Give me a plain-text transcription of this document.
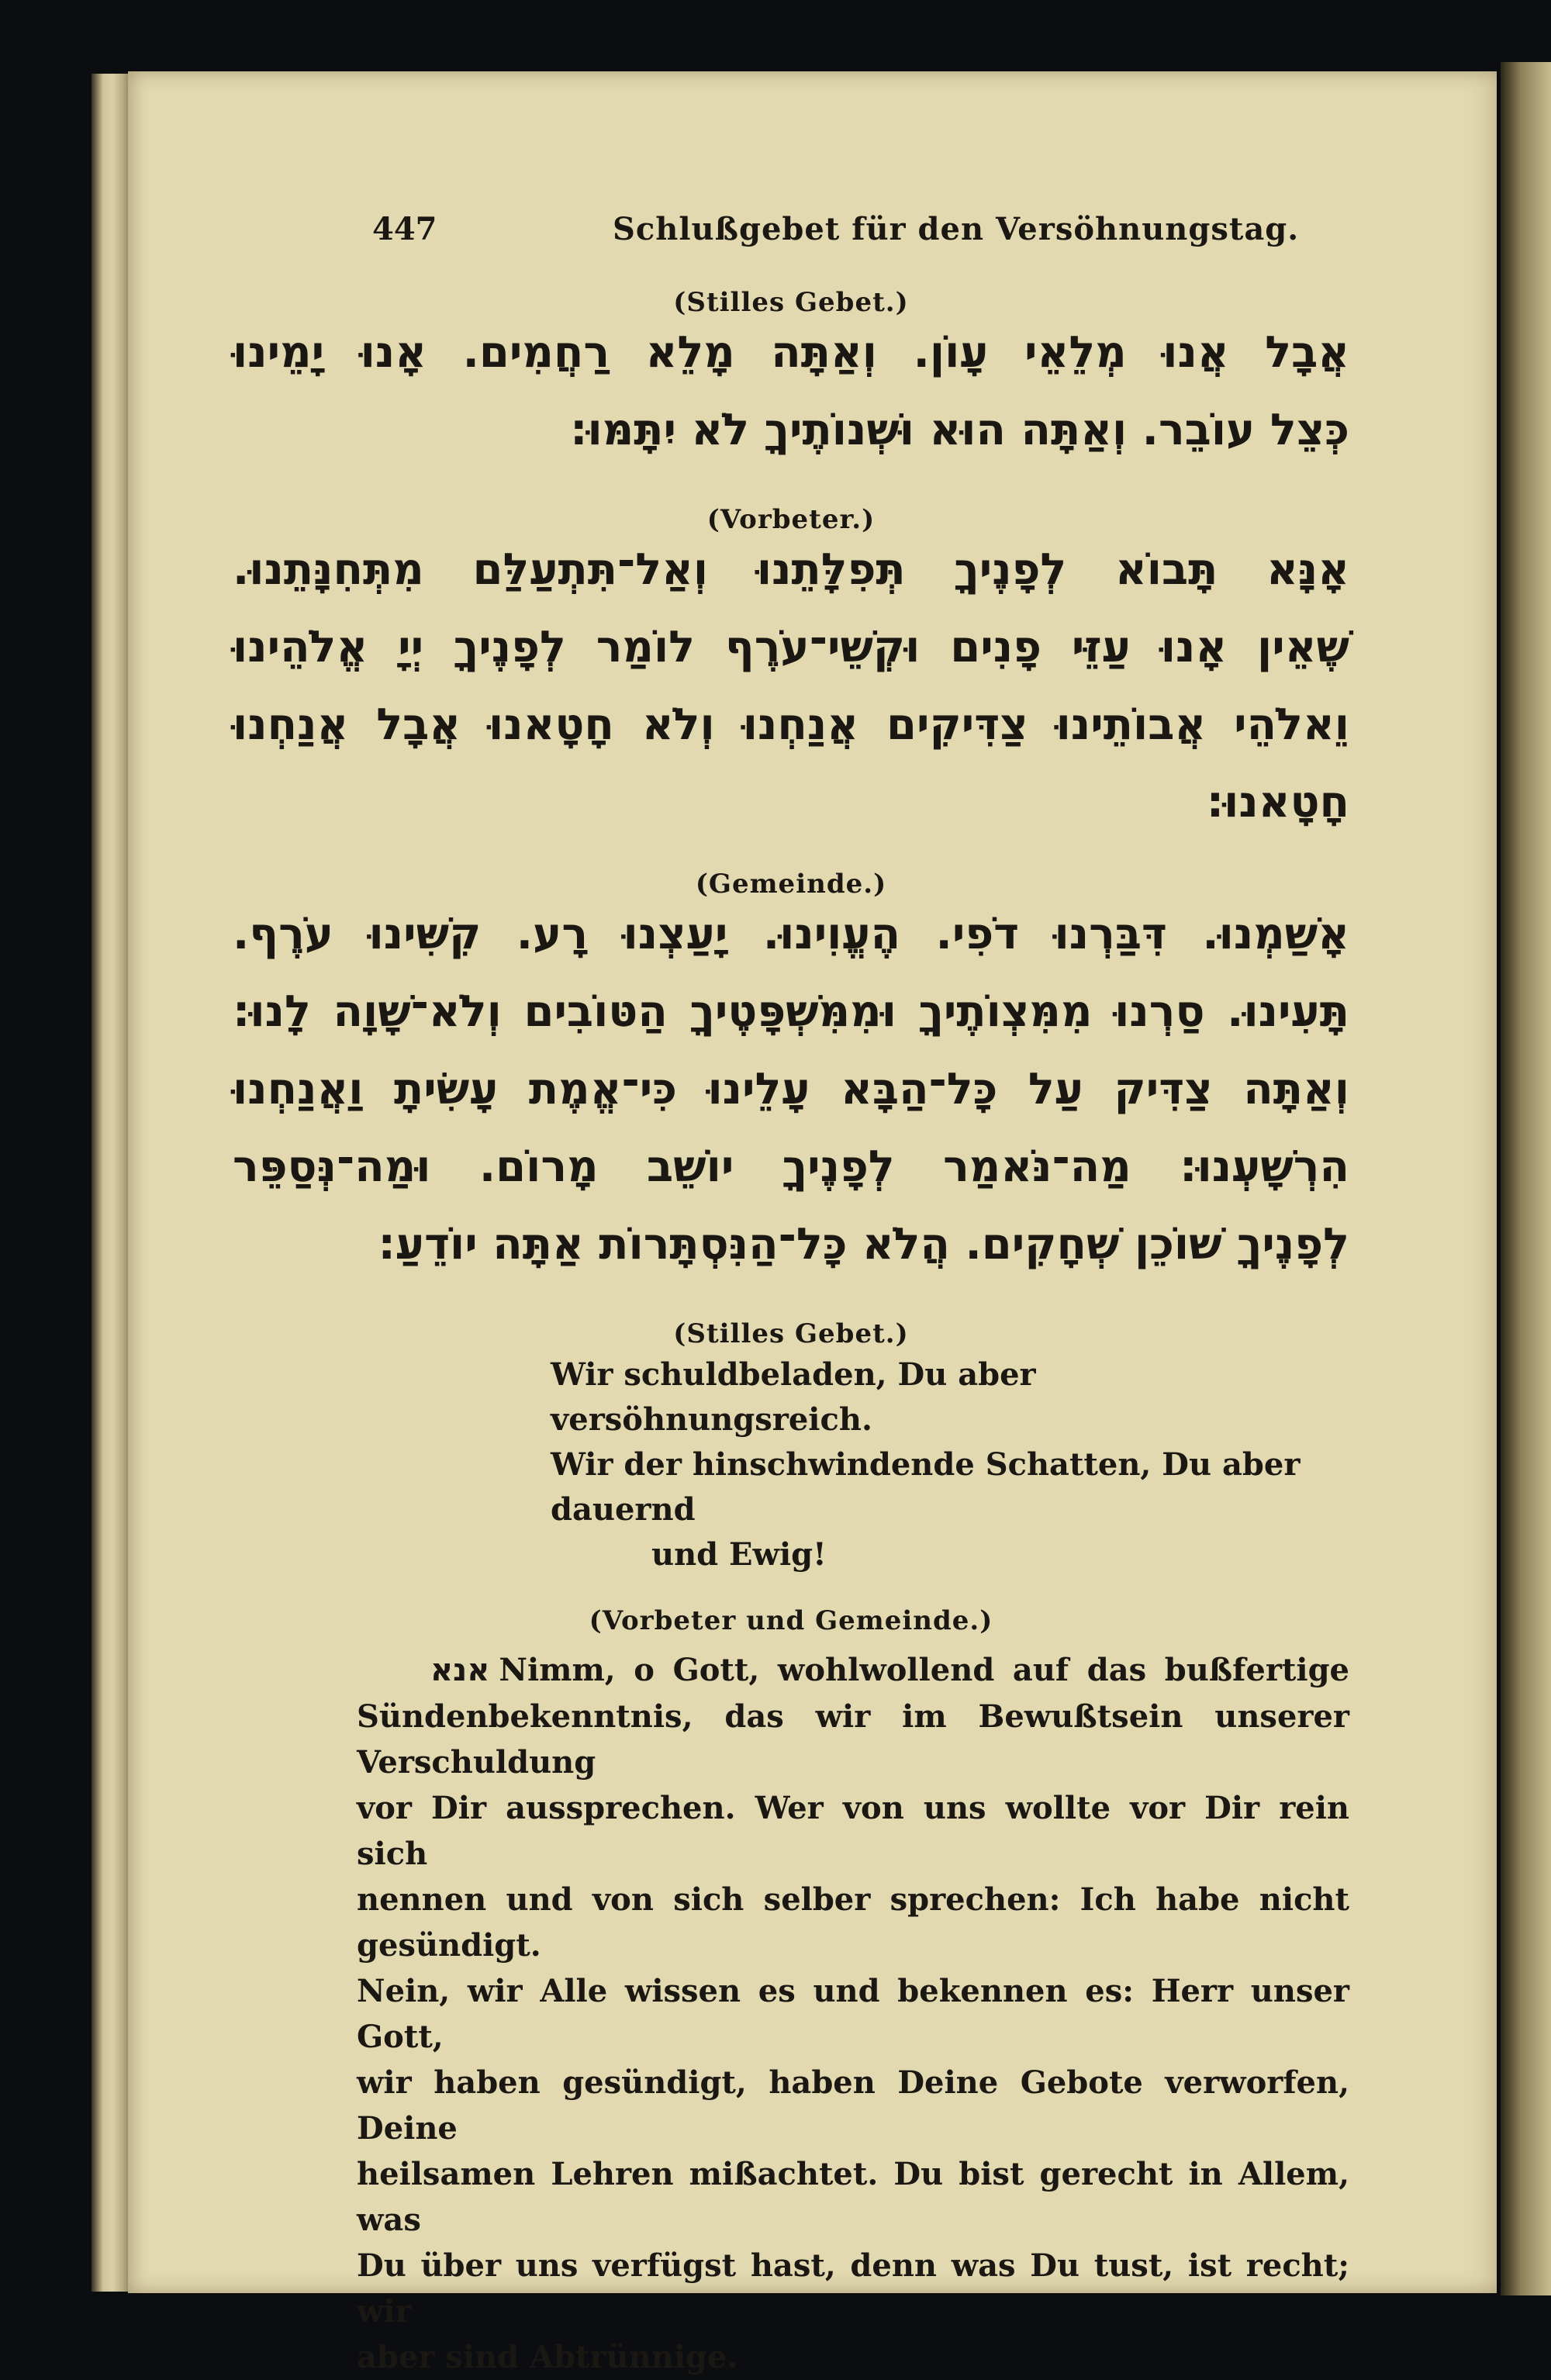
447	Schlußgebet für den Versöhnungstag.
(Stilles Gebet.)
אֲבָל אֲנוּ מְלֵאֵי עָוֹן. וְאַתָּה מָלֵא רַחֲמִים. אָנוּ יָמֵינוּ
כְּצֵל עוֹבֵר. וְאַתָּה הוּא וּשְׁנוֹתֶיךָ לֹא יִתָּמּוּ:
(Vorbeter.)
אָנָּא תָּבוֹא לְפָנֶיךָ תְּפִלָּתֵנוּ וְאַל־תִּתְעַלַּם מִתְּחִנָּתֵנוּ.
שֶׁאֵין אָנוּ עַזֵּי פָנִים וּקְשֵׁי־עֹרֶף לוֹמַר לְפָנֶיךָ יְיָ אֱלֹהֵינוּ
וֵאלֹהֵי אֲבוֹתֵינוּ צַדִּיקִים אֲנַחְנוּ וְלֹא חָטָאנוּ אֲבָל אֲנַחְנוּ
חָטָאנוּ:
(Gemeinde.)
אָשַׁמְנוּ. דִּבַּרְנוּ דֹפִי. הֶעֱוִינוּ. יָעַצְנוּ רָע. קִשִּׁינוּ עֹרֶף.
תָּעִינוּ. סַרְנוּ מִמִּצְוֹתֶיךָ וּמִמִּשְׁפָּטֶיךָ הַטּוֹבִים וְלֹא־שָׁוָה לָנוּ:
וְאַתָּה צַדִּיק עַל כָּל־הַבָּא עָלֵינוּ כִּי־אֱמֶת עָשִׂיתָ וַאֲנַחְנוּ
הִרְשָׁעְנוּ: מַה־נֹּאמַר לְפָנֶיךָ יוֹשֵׁב מָרוֹם. וּמַה־נְּסַפֵּר
לְפָנֶיךָ שׁוֹכֵן שְׁחָקִים. הֲלֹא כָּל־הַנִּסְתָּרוֹת אַתָּה יוֹדֵעַ:
(Stilles Gebet.)
Wir schuldbeladen, Du aber versöhnungsreich.
Wir der hinschwindende Schatten, Du aber dauernd

und Ewig!
(Vorbeter und Gemeinde.)
אנא Nimm, o Gott, wohlwollend auf das bußfertige
Sündenbekenntnis, das wir im Bewußtsein unserer Verschuldung
vor Dir aussprechen. Wer von uns wollte vor Dir rein sich
nennen und von sich selber sprechen: Ich habe nicht gesündigt.
Nein, wir Alle wissen es und bekennen es: Herr unser Gott,
wir haben gesündigt, haben Deine Gebote verworfen, Deine
heilsamen Lehren mißachtet. Du bist gerecht in Allem, was
Du über uns verfügst hast, denn was Du tust, ist recht; wir
aber sind Abtrünnige.
